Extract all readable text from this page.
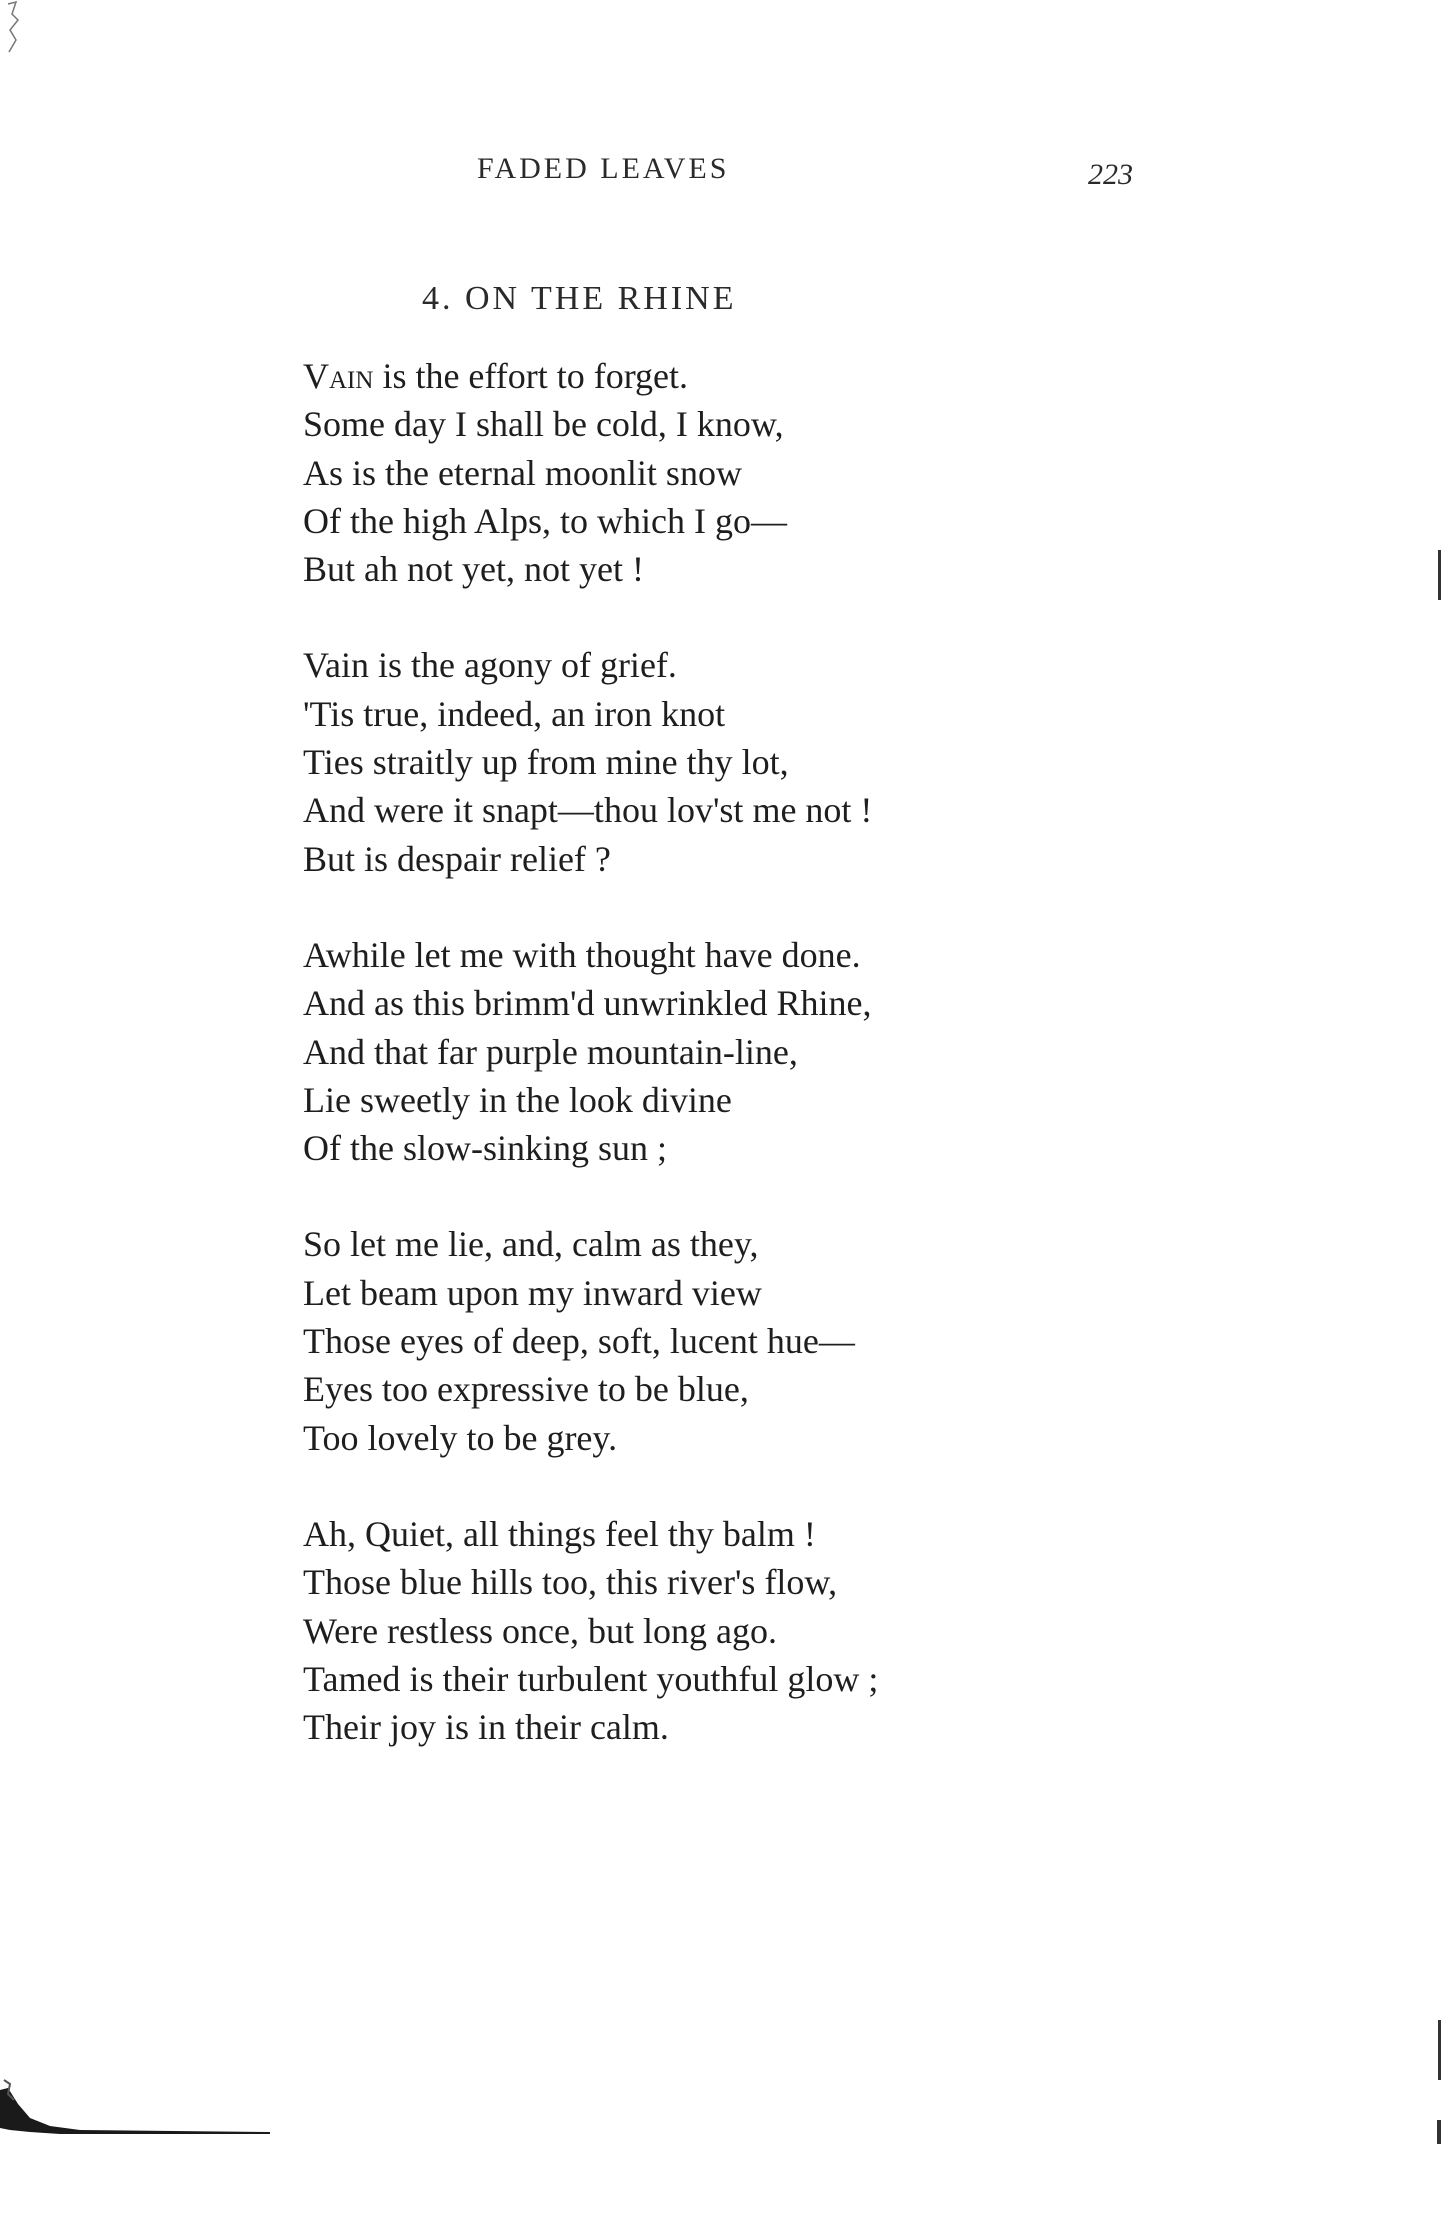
FADED LEAVES	223
4. ON THE RHINE
Vain is the effort to forget.
Some day I shall be cold, I know,
As is the eternal moonlit snow
Of the high Alps, to which I go—
But ah not yet, not yet !
Vain is the agony of grief.
'Tis true, indeed, an iron knot
Ties straitly up from mine thy lot,
And were it snapt—thou lov'st me not !
But is despair relief ?
Awhile let me with thought have done.
And as this brimm'd unwrinkled Rhine,
And that far purple mountain-line,
Lie sweetly in the look divine
Of the slow-sinking sun ;
So let me lie, and, calm as they,
Let beam upon my inward view
Those eyes of deep, soft, lucent hue—
Eyes too expressive to be blue,
Too lovely to be grey.
Ah, Quiet, all things feel thy balm !
Those blue hills too, this river's flow,
Were restless once, but long ago.
Tamed is their turbulent youthful glow ;
Their joy is in their calm.
